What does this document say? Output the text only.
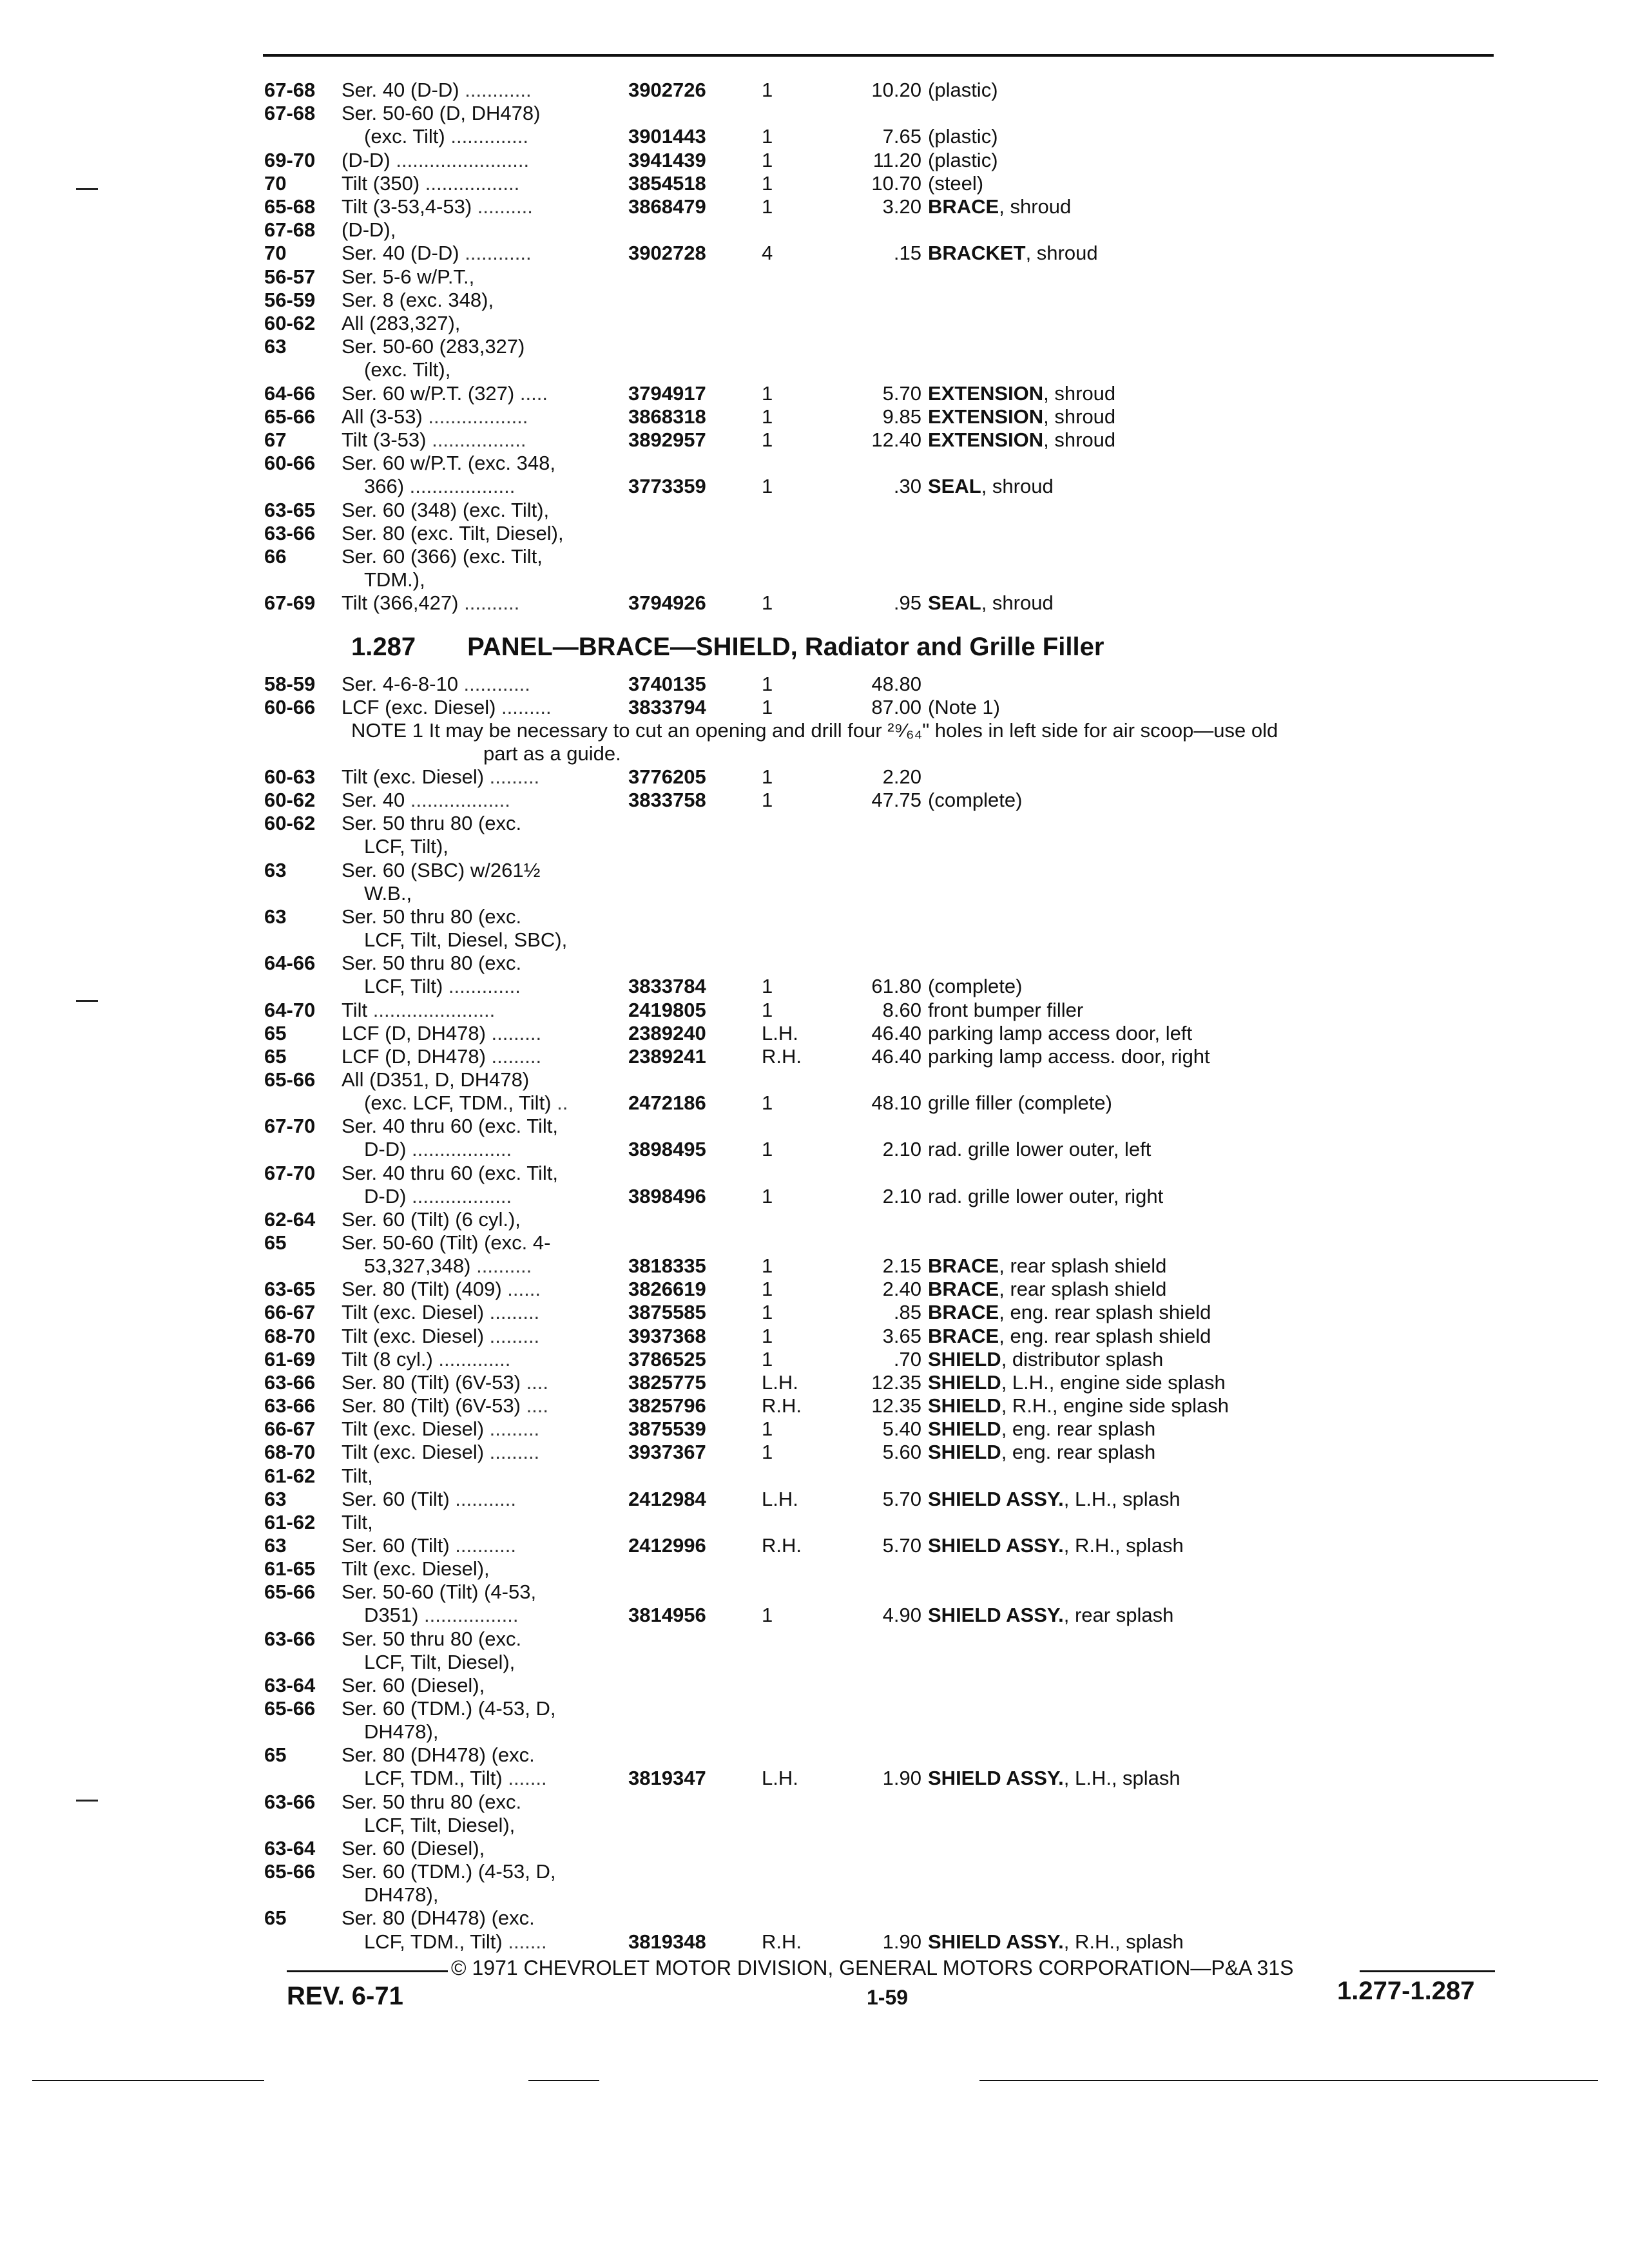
67-68 Ser. 40 (D-D) ............	3902726	1	10.20 (plastic)
67-68 Ser. 50-60 (D, DH478)
(exc. Tilt) ..............	3901443	1	7.65 (plastic)
69-70 (D-D) ........................	3941439	1	11.20 (plastic)
70	Tilt (350) .................	3854518	1	10.70 (steel)
65-68 Tilt (3-53,4-53) ..........	3868479	1	3.20 BRACE, shroud
67-68 (D-D),
70	Ser. 40 (D-D) ............	3902728	4	.15 BRACKET, shroud
56-57 Ser. 5-6 w/P.T.,
56-59 Ser. 8 (exc. 348),
60-62 All (283,327),
63	Ser. 50-60 (283,327)
(exc. Tilt),
64-66 Ser. 60 w/P.T. (327) .....	3794917	1	5.70 EXTENSION, shroud
65-66 All (3-53) ..................	3868318	1	9.85 EXTENSION, shroud
67	Tilt (3-53) .................	3892957	1	12.40 EXTENSION, shroud
60-66 Ser. 60 w/P.T. (exc. 348,
366) ...................	3773359	1	.30 SEAL, shroud
63-65 Ser. 60 (348) (exc. Tilt),
63-66 Ser. 80 (exc. Tilt, Diesel),
66	Ser. 60 (366) (exc. Tilt,
TDM.),
67-69 Tilt (366,427) ..........	3794926	1	.95 SEAL, shroud
1.287 PANEL—BRACE—SHIELD, Radiator and Grille Filler
58-59 Ser. 4-6-8-10 ............	3740135	1	48.80
60-66 LCF (exc. Diesel) .........	3833794	1	87.00 (Note 1)
NOTE 1 It may be necessary to cut an opening and drill four ²⁹⁄₆₄" holes in left side for air scoop—use old
part as a guide.
60-63 Tilt (exc. Diesel) .........	3776205	1	2.20
60-62 Ser. 40 ..................	3833758	1	47.75 (complete)
60-62 Ser. 50 thru 80 (exc.
LCF, Tilt),
63	Ser. 60 (SBC) w/261½
W.B.,
63	Ser. 50 thru 80 (exc.
LCF, Tilt, Diesel, SBC),
64-66 Ser. 50 thru 80 (exc.
LCF, Tilt) .............	3833784	1	61.80 (complete)
64-70 Tilt ......................	2419805	1	8.60 front bumper filler
65	LCF (D, DH478) .........	2389240	L.H.	46.40 parking lamp access door, left
65	LCF (D, DH478) .........	2389241	R.H.	46.40 parking lamp access. door, right
65-66 All (D351, D, DH478)
(exc. LCF, TDM., Tilt) ..	2472186	1	48.10 grille filler (complete)
67-70 Ser. 40 thru 60 (exc. Tilt,
D-D) ..................	3898495	1	2.10 rad. grille lower outer, left
67-70 Ser. 40 thru 60 (exc. Tilt,
D-D) ..................	3898496	1	2.10 rad. grille lower outer, right
62-64 Ser. 60 (Tilt) (6 cyl.),
65	Ser. 50-60 (Tilt) (exc. 4-
53,327,348) ..........	3818335	1	2.15 BRACE, rear splash shield
63-65 Ser. 80 (Tilt) (409) ......	3826619	1	2.40 BRACE, rear splash shield
66-67 Tilt (exc. Diesel) .........	3875585	1	.85 BRACE, eng. rear splash shield
68-70 Tilt (exc. Diesel) .........	3937368	1	3.65 BRACE, eng. rear splash shield
61-69 Tilt (8 cyl.) .............	3786525	1	.70 SHIELD, distributor splash
63-66 Ser. 80 (Tilt) (6V-53) ....	3825775	L.H.	12.35 SHIELD, L.H., engine side splash
63-66 Ser. 80 (Tilt) (6V-53) ....	3825796	R.H.	12.35 SHIELD, R.H., engine side splash
66-67 Tilt (exc. Diesel) .........	3875539	1	5.40 SHIELD, eng. rear splash
68-70 Tilt (exc. Diesel) .........	3937367	1	5.60 SHIELD, eng. rear splash
61-62 Tilt,
63	Ser. 60 (Tilt) ...........	2412984	L.H.	5.70 SHIELD ASSY., L.H., splash
61-62 Tilt,
63	Ser. 60 (Tilt) ...........	2412996	R.H.	5.70 SHIELD ASSY., R.H., splash
61-65 Tilt (exc. Diesel),
65-66 Ser. 50-60 (Tilt) (4-53,
D351) .................	3814956	1	4.90 SHIELD ASSY., rear splash
63-66 Ser. 50 thru 80 (exc.
LCF, Tilt, Diesel),
63-64 Ser. 60 (Diesel),
65-66 Ser. 60 (TDM.) (4-53, D,
DH478),
65	Ser. 80 (DH478) (exc.
LCF, TDM., Tilt) .......	3819347	L.H.	1.90 SHIELD ASSY., L.H., splash
63-66 Ser. 50 thru 80 (exc.
LCF, Tilt, Diesel),
63-64 Ser. 60 (Diesel),
65-66 Ser. 60 (TDM.) (4-53, D,
DH478),
65	Ser. 80 (DH478) (exc.
LCF, TDM., Tilt) .......	3819348	R.H.	1.90 SHIELD ASSY., R.H., splash
© 1971 CHEVROLET MOTOR DIVISION, GENERAL MOTORS CORPORATION—P&A 31S
REV. 6-71	1-59	1.277-1.287
